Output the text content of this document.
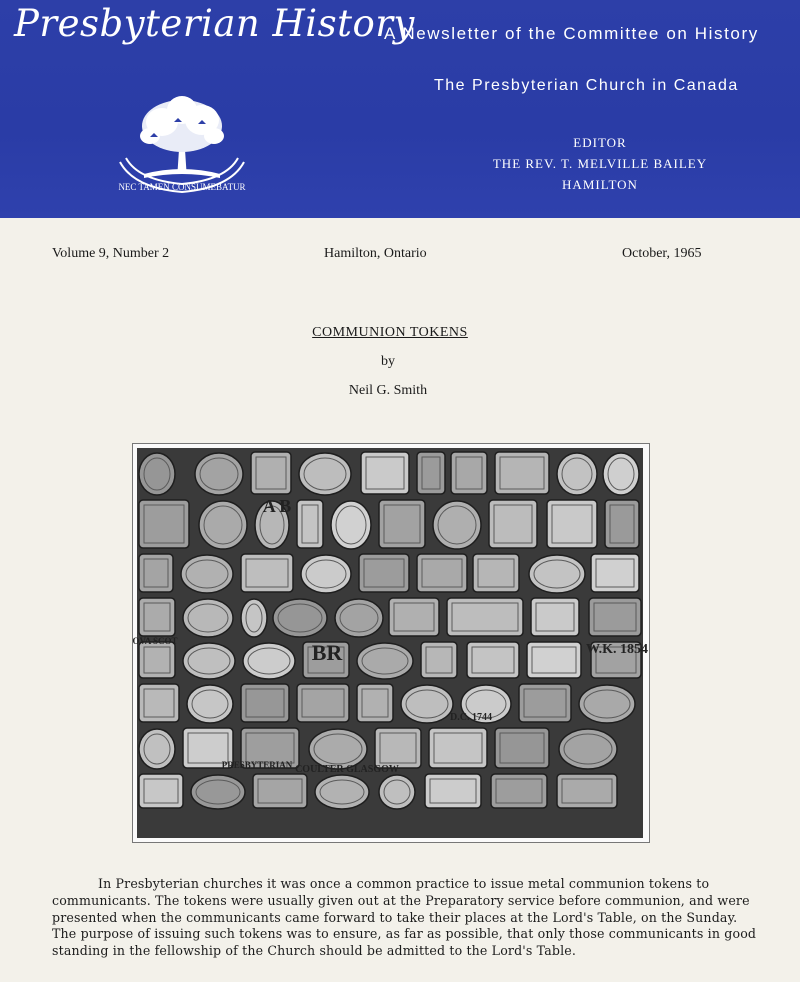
Presbyterian History
A Newsletter of the Committee on History
The Presbyterian Church in Canada
NEC TAMEN CONSUMEBATUR
EDITOR
THE REV. T. MELVILLE BAILEY
HAMILTON
Volume 9, Number 2	Hamilton, Ontario	October, 1965
COMMUNION TOKENS
by
Neil G. Smith
A B
BR	W.K. 1854
OVA SCOT
COULTER GLASGOW
PRESBYTERIAN
D.C. 1744
In Presbyterian churches it was once a common practice to issue metal communion tokens to communicants. The tokens were usually given out at the Preparatory service before communion, and were presented when the communicants came forward to take their places at the Lord's Table, on the Sunday. The purpose of issuing such tokens was to ensure, as far as possible, that only those communicants in good standing in the fellowship of the Church should be admitted to the Lord's Table.
